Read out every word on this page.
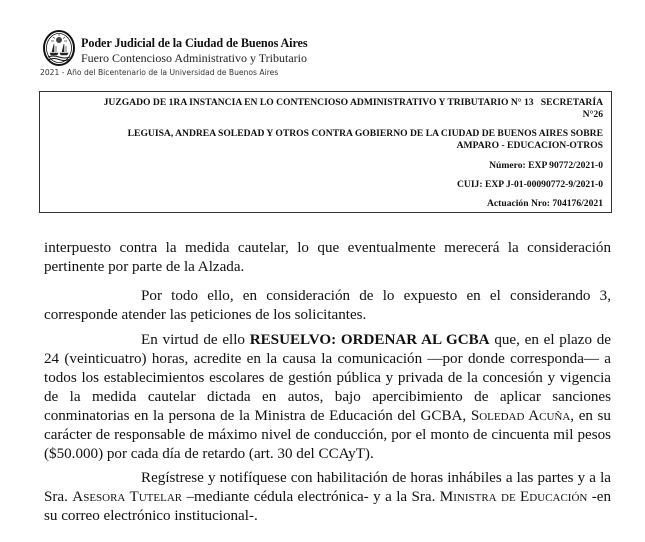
Poder Judicial de la Ciudad de Buenos Aires
Fuero Contencioso Administrativo y Tributario
2021 - Año del Bicentenario de la Universidad de Buenos Aires
JUZGADO DE 1RA INSTANCIA EN LO CONTENCIOSO ADMINISTRATIVO Y TRIBUTARIO N° 13   SECRETARÍA
N°26
LEGUISA, ANDREA SOLEDAD Y OTROS CONTRA GOBIERNO DE LA CIUDAD DE BUENOS AIRES SOBRE
AMPARO - EDUCACION-OTROS
Número: EXP 90772/2021-0
CUIJ: EXP J-01-00090772-9/2021-0
Actuación Nro: 704176/2021

interpuesto contra la medida cautelar, lo que eventualmente merecerá la consideración pertinente por parte de la Alzada.

Por todo ello, en consideración de lo expuesto en el considerando 3, corresponde atender las peticiones de los solicitantes.

En virtud de ello RESUELVO: ORDENAR AL GCBA que, en el plazo de 24 (veinticuatro) horas, acredite en la causa la comunicación —por donde corresponda— a todos los establecimientos escolares de gestión pública y privada de la concesión y vigencia de la medida cautelar dictada en autos, bajo apercibimiento de aplicar sanciones conminatorias en la persona de la Ministra de Educación del GCBA, Soledad Acuña, en su carácter de responsable de máximo nivel de conducción, por el monto de cincuenta mil pesos ($50.000) por cada día de retardo (art. 30 del CCAyT).

Regístrese y notifíquese con habilitación de horas inhábiles a las partes y a la Sra. Asesora Tutelar –mediante cédula electrónica- y a la Sra. Ministra de Educación -en su correo electrónico institucional-.
